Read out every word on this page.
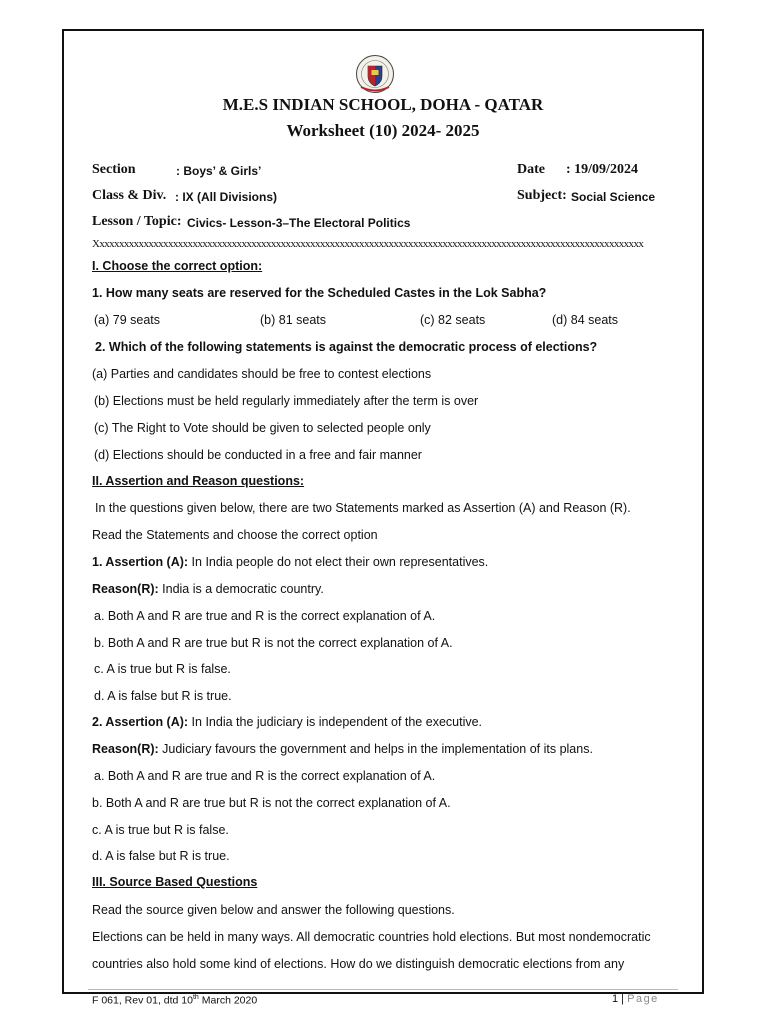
M.E.S INDIAN SCHOOL, DOHA - QATAR
Worksheet (10) 2024- 2025
Section	: Boys’ & Girls’	Date : 19/09/2024
Class & Div. : IX (All Divisions)	Subject: Social Science
Lesson / Topic: Civics- Lesson-3–The Electoral Politics
Xxxxxxxxxxxxxxxxxxxxxxxxxxxxxxxxxxxxxxxxxxxxxxxxxxxxxxxxxxxxxxxxxxxxxxxxxxxxxxxxxxxxxxxxxxxxxxxxxxxxxxxxxxxxxxxx
I. Choose the correct option:
1. How many seats are reserved for the Scheduled Castes in the Lok Sabha?
(a) 79 seats	(b) 81 seats	(c) 82 seats	(d) 84 seats
2. Which of the following statements is against the democratic process of elections?
(a) Parties and candidates should be free to contest elections
(b) Elections must be held regularly immediately after the term is over
(c) The Right to Vote should be given to selected people only
(d) Elections should be conducted in a free and fair manner
II. Assertion and Reason questions:
In the questions given below, there are two Statements marked as Assertion (A) and Reason (R).
Read the Statements and choose the correct option
1. Assertion (A): In India people do not elect their own representatives.
Reason(R): India is a democratic country.
a. Both A and R are true and R is the correct explanation of A.
b. Both A and R are true but R is not the correct explanation of A.
c. A is true but R is false.
d. A is false but R is true.
2. Assertion (A): In India the judiciary is independent of the executive.
Reason(R): Judiciary favours the government and helps in the implementation of its plans.
a. Both A and R are true and R is the correct explanation of A.
b. Both A and R are true but R is not the correct explanation of A.
c. A is true but R is false.
d. A is false but R is true.
III. Source Based Questions
Read the source given below and answer the following questions.
Elections can be held in many ways. All democratic countries hold elections. But most nondemocratic
countries also hold some kind of elections. How do we distinguish democratic elections from any
F 061, Rev 01, dtd 10th March 2020	1 | Page
